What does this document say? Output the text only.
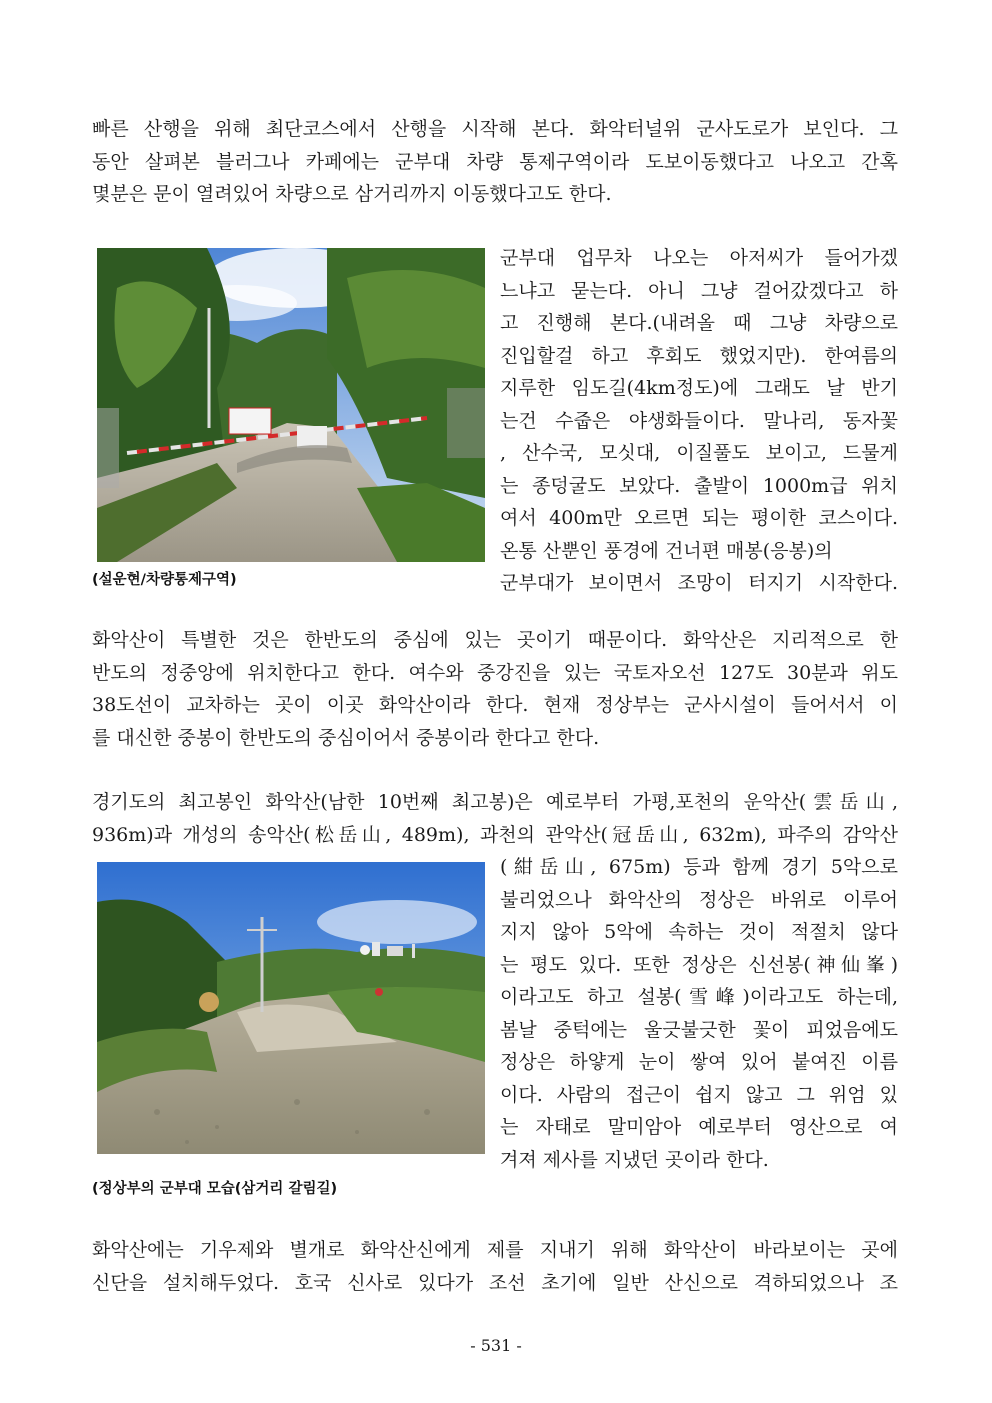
빠른 산행을 위해 최단코스에서 산행을 시작해 본다. 화악터널위 군사도로가 보인다. 그
동안 살펴본 블러그나 카페에는 군부대 차량 통제구역이라 도보이동했다고 나오고 간혹
몇분은 문이 열려있어 차량으로 삼거리까지 이동했다고도 한다.
(설운현/차량통제구역)
군부대 업무차 나오는 아저씨가 들어가겠
느냐고 묻는다. 아니 그냥 걸어갔겠다고 하
고 진행해 본다.(내려올 때 그냥 차량으로
진입할걸 하고 후회도 했었지만). 한여름의
지루한 임도길(4km정도)에 그래도 날 반기
는건 수줍은 야생화들이다. 말나리, 동자꽃
, 산수국, 모싯대, 이질풀도 보이고, 드물게
는 종덩굴도 보았다. 출발이 1000m급 위치
여서 400m만 오르면 되는 평이한 코스이다.
온통 산뿐인 풍경에 건너편 매봉(응봉)의
군부대가 보이면서 조망이 터지기 시작한다.
화악산이 특별한 것은 한반도의 중심에 있는 곳이기 때문이다. 화악산은 지리적으로 한
반도의 정중앙에 위치한다고 한다. 여수와 중강진을 있는 국토자오선 127도 30분과 위도
38도선이 교차하는 곳이 이곳 화악산이라 한다. 현재 정상부는 군사시설이 들어서서 이
를 대신한 중봉이 한반도의 중심이어서 중봉이라 한다고 한다.
경기도의 최고봉인 화악산(남한 10번째 최고봉)은 예로부터 가평,포천의 운악산(雲岳山,
936m)과 개성의 송악산(松岳山, 489m), 과천의 관악산(冠岳山, 632m), 파주의 감악산
(정상부의 군부대 모습(삼거리 갈림길)
(紺岳山, 675m) 등과 함께 경기 5악으로
불리었으나 화악산의 정상은 바위로 이루어
지지 않아 5악에 속하는 것이 적절치 않다
는 평도 있다. 또한 정상은 신선봉(神仙峯)
이라고도 하고 설봉(雪峰)이라고도 하는데,
봄날 중턱에는 울긋불긋한 꽃이 피었음에도
정상은 하얗게 눈이 쌓여 있어 붙여진 이름
이다. 사람의 접근이 쉽지 않고 그 위엄 있
는 자태로 말미암아 예로부터 영산으로 여
겨져 제사를 지냈던 곳이라 한다.
화악산에는 기우제와 별개로 화악산신에게 제를 지내기 위해 화악산이 바라보이는 곳에
신단을 설치해두었다. 호국 신사로 있다가 조선 초기에 일반 산신으로 격하되었으나 조
- 531 -
